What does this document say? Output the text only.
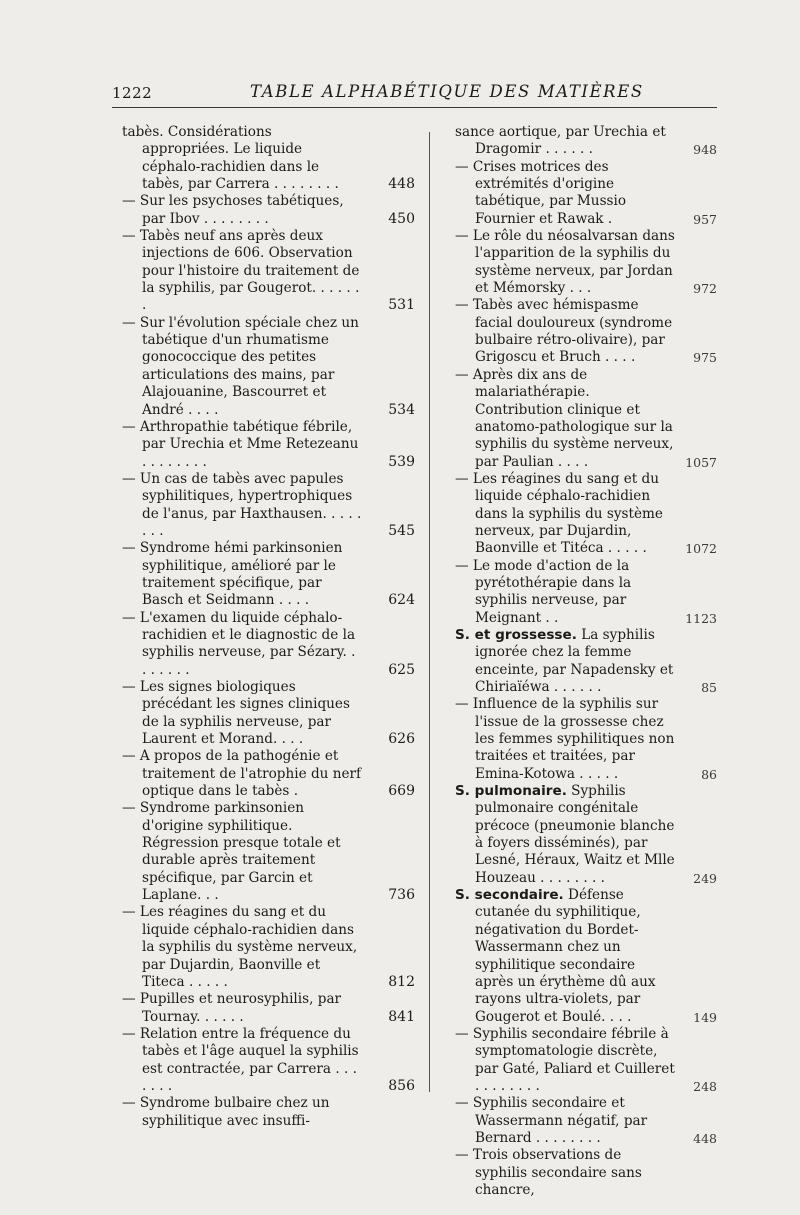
1222	TABLE ALPHABÉTIQUE DES MATIÈRES
tabès. Considérations appropriées. Le liquide céphalo-rachidien dans le tabès, par Carrera . . . . . . . .	448
— Sur les psychoses tabétiques, par Ibov . . . . . . . .	450
— Tabès neuf ans après deux injections de 606. Observation pour l'histoire du traitement de la syphilis, par Gougerot. . . . . . .	531
— Sur l'évolution spéciale chez un tabétique d'un rhumatisme gonococcique des petites articulations des mains, par Alajouanine, Bascourret et André . . . .	534
— Arthropathie tabétique fébrile, par Urechia et Mme Retezeanu . . . . . . . .	539
— Un cas de tabès avec papules syphilitiques, hypertrophiques de l'anus, par Haxthausen. . . . . . . .	545
— Syndrome hémi parkinsonien syphilitique, amélioré par le traitement spécifique, par Basch et Seidmann . . . .	624
— L'examen du liquide céphalo-rachidien et le diagnostic de la syphilis nerveuse, par Sézary. . . . . . . .	625
— Les signes biologiques précédant les signes cliniques de la syphilis nerveuse, par Laurent et Morand. . . .	626
— A propos de la pathogénie et traitement de l'atrophie du nerf optique dans le tabès .	669
— Syndrome parkinsonien d'origine syphilitique. Régression presque totale et durable après traitement spécifique, par Garcin et Laplane. . .	736
— Les réagines du sang et du liquide céphalo-rachidien dans la syphilis du système nerveux, par Dujardin, Baonville et Titeca . . . . .	812
— Pupilles et neurosyphilis, par Tournay. . . . . .	841
— Relation entre la fréquence du tabès et l'âge auquel la syphilis est contractée, par Carrera . . . . . . .	856
— Syndrome bulbaire chez un syphilitique avec insuffi-
sance aortique, par Urechia et Dragomir . . . . . .	948
— Crises motrices des extrémités d'origine tabétique, par Mussio Fournier et Rawak .	957
— Le rôle du néosalvarsan dans l'apparition de la syphilis du système nerveux, par Jordan et Mémorsky . . .	972
— Tabès avec hémispasme facial douloureux (syndrome bulbaire rétro-olivaire), par Grigoscu et Bruch . . . .	975
— Après dix ans de malariathérapie. Contribution clinique et anatomo-pathologique sur la syphilis du système nerveux, par Paulian . . . .	1057
— Les réagines du sang et du liquide céphalo-rachidien dans la syphilis du système nerveux, par Dujardin, Baonville et Titéca . . . . .	1072
— Le mode d'action de la pyrétothérapie dans la syphilis nerveuse, par Meignant . .	1123
S. et grossesse. La syphilis ignorée chez la femme enceinte, par Napadensky et Chiriaïéwa . . . . . .	85
— Influence de la syphilis sur l'issue de la grossesse chez les femmes syphilitiques non traitées et traitées, par Emina-Kotowa . . . . .	86
S. pulmonaire. Syphilis pulmonaire congénitale précoce (pneumonie blanche à foyers disséminés), par Lesné, Héraux, Waitz et Mlle Houzeau . . . . . . . .	249
S. secondaire. Défense cutanée du syphilitique, négativation du Bordet-Wassermann chez un syphilitique secondaire après un érythème dû aux rayons ultra-violets, par Gougerot et Boulé. . . .	149
— Syphilis secondaire fébrile à symptomatologie discrète, par Gaté, Paliard et Cuilleret . . . . . . . .	248
— Syphilis secondaire et Wassermann négatif, par Bernard . . . . . . . .	448
— Trois observations de syphilis secondaire sans chancre,
